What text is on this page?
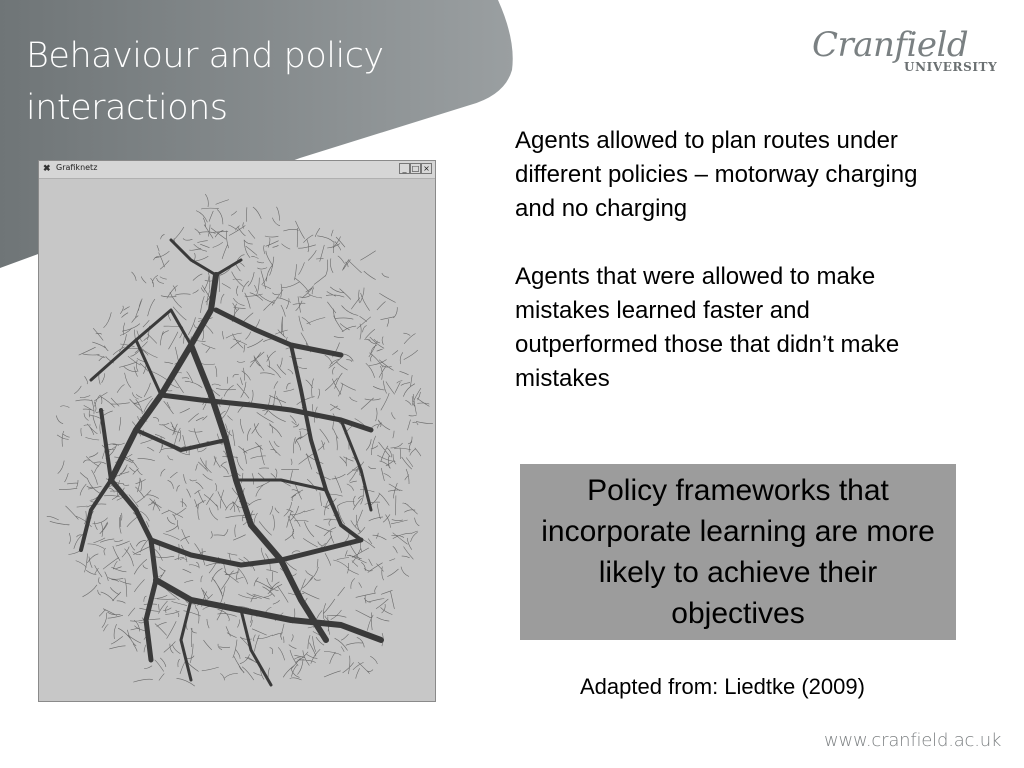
Behaviour and policy interactions
Cranfield
UNIVERSITY
✖ Grafiknetz	_ □ ×

Agents allowed to plan routes under different policies – motorway charging and no charging

Agents that were allowed to make mistakes learned faster and outperformed those that didn’t make mistakes

Policy frameworks that incorporate learning are more likely to achieve their objectives
Adapted from: Liedtke (2009)
www.cranfield.ac.uk
